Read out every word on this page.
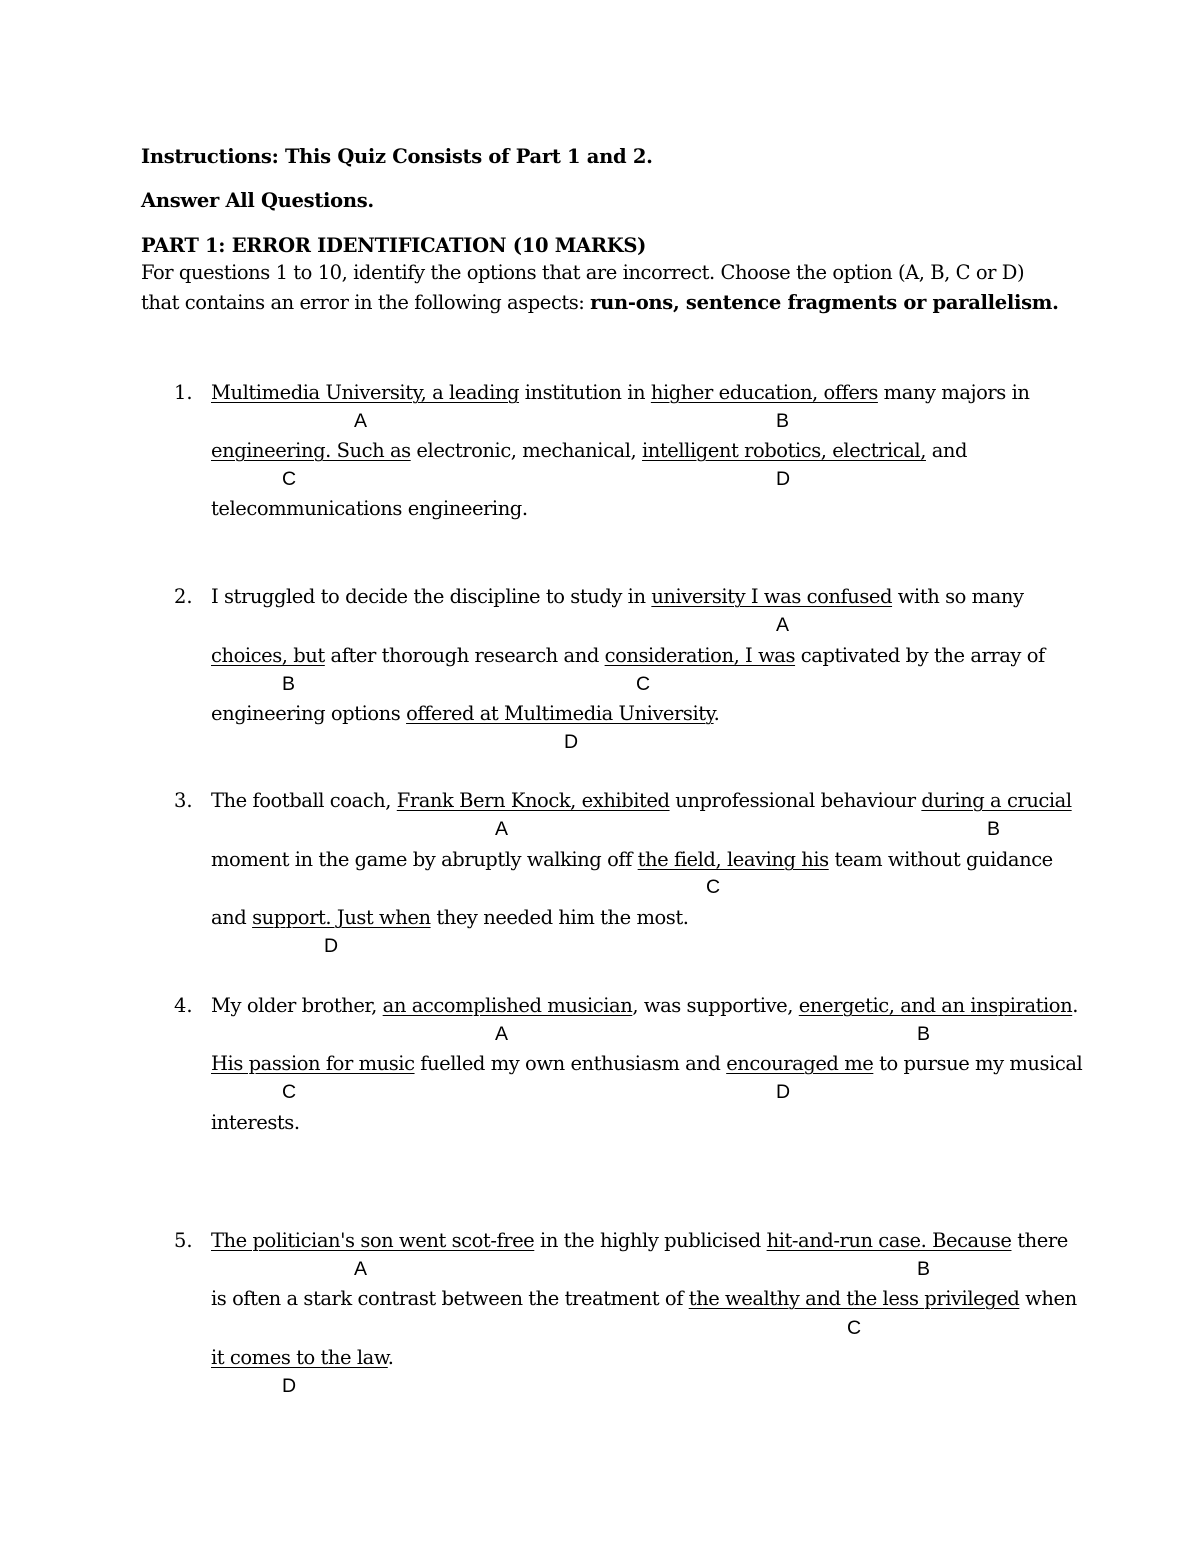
Instructions: This Quiz Consists of Part 1 and 2.
Answer All Questions.
PART 1: ERROR IDENTIFICATION (10 MARKS)
For questions 1 to 10, identify the options that are incorrect. Choose the option (A, B, C or D)
that contains an error in the following aspects: run-ons, sentence fragments or parallelism.
1. Multimedia University, a leading institution in higher education, offers many majors in
A	B
engineering. Such as electronic, mechanical, intelligent robotics, electrical, and
C	D
telecommunications engineering.
2. I struggled to decide the discipline to study in university I was confused with so many
A
choices, but after thorough research and consideration, I was captivated by the array of
B	C
engineering options offered at Multimedia University.
D
3. The football coach, Frank Bern Knock, exhibited unprofessional behaviour during a crucial
A	B
moment in the game by abruptly walking off the field, leaving his team without guidance
C
and support. Just when they needed him the most.
D
4. My older brother, an accomplished musician, was supportive, energetic, and an inspiration.
A	B
His passion for music fuelled my own enthusiasm and encouraged me to pursue my musical
C	D
interests.
5. The politician's son went scot-free in the highly publicised hit-and-run case. Because there
A	B
is often a stark contrast between the treatment of the wealthy and the less privileged when
C
it comes to the law.
D
